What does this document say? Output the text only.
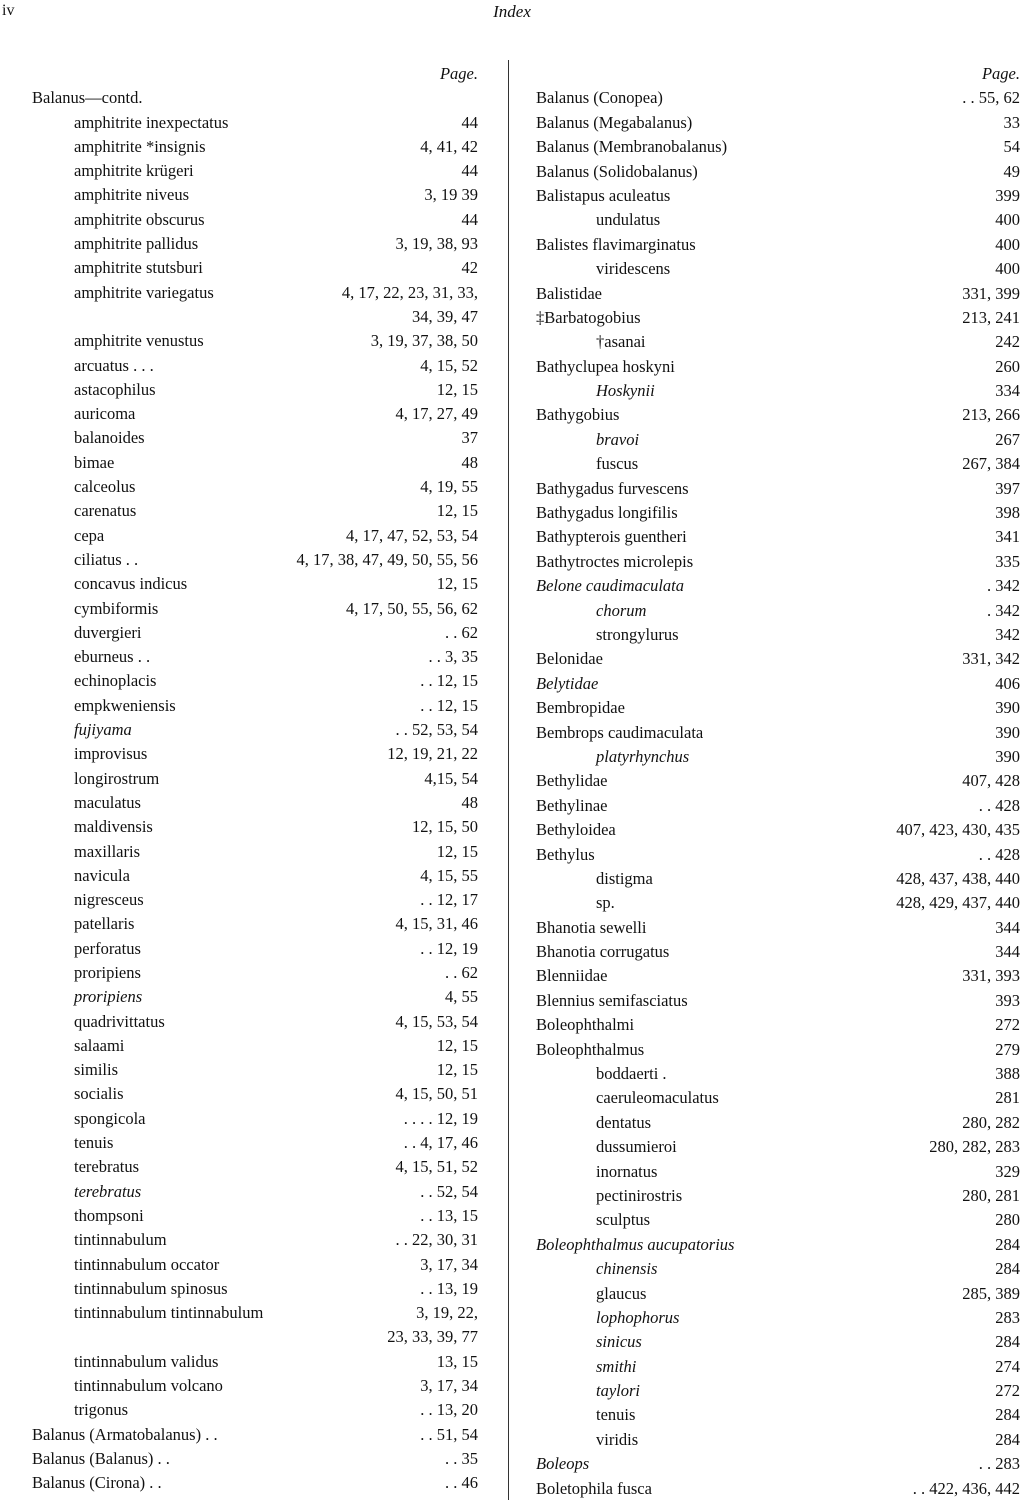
iv	Index
Page.
Balanus—contd.
amphitrite inexpectatus	44
amphitrite *insignis	4, 41, 42
amphitrite krügeri	44
amphitrite niveus	3, 19 39
amphitrite obscurus	44
amphitrite pallidus	3, 19, 38, 93
amphitrite stutsburi	42
amphitrite variegatus	4, 17, 22, 23, 31, 33,
34, 39, 47
amphitrite venustus	3, 19, 37, 38, 50
arcuatus . . .	4, 15, 52
astacophilus	12, 15
auricoma	4, 17, 27, 49
balanoides	37
bimae	48
calceolus	4, 19, 55
carenatus	12, 15
cepa	4, 17, 47, 52, 53, 54
ciliatus . .	4, 17, 38, 47, 49, 50, 55, 56
concavus indicus	12, 15
cymbiformis	4, 17, 50, 55, 56, 62
duvergieri	. . 62
eburneus . .	. . 3, 35
echinoplacis	. . 12, 15
empkweniensis	. . 12, 15
fujiyama	. . 52, 53, 54
improvisus	12, 19, 21, 22
longirostrum	4,15, 54
maculatus	48
maldivensis	12, 15, 50
maxillaris	12, 15
navicula	4, 15, 55
nigresceus	. . 12, 17
patellaris	4, 15, 31, 46
perforatus	. . 12, 19
proripiens	. . 62
proripiens	4, 55
quadrivittatus	4, 15, 53, 54
salaami	12, 15
similis	12, 15
socialis	4, 15, 50, 51
spongicola	. . . . 12, 19
tenuis	. . 4, 17, 46
terebratus	4, 15, 51, 52
terebratus	. . 52, 54
thompsoni	. . 13, 15
tintinnabulum	. . 22, 30, 31
tintinnabulum occator	3, 17, 34
tintinnabulum spinosus	. . 13, 19
tintinnabulum tintinnabulum	3, 19, 22,
23, 33, 39, 77
tintinnabulum validus	13, 15
tintinnabulum volcano	3, 17, 34
trigonus	. . 13, 20
Balanus (Armatobalanus) . .	. . 51, 54
Balanus (Balanus) . .	. . 35
Balanus (Cirona) . .	. . 46
Page.
Balanus (Conopea)	. . 55, 62
Balanus (Megabalanus)	33
Balanus (Membranobalanus)	54
Balanus (Solidobalanus)	49
Balistapus aculeatus	399
undulatus	400
Balistes flavimarginatus	400
viridescens	400
Balistidae	331, 399
‡Barbatogobius	213, 241
†asanai	242
Bathyclupea hoskyni	260
Hoskynii	334
Bathygobius	213, 266
bravoi	267
fuscus	267, 384
Bathygadus furvescens	397
Bathygadus longifilis	398
Bathypterois guentheri	341
Bathytroctes microlepis	335
Belone caudimaculata	. 342
chorum	. 342
strongylurus	342
Belonidae	331, 342
Belytidae	406
Bembropidae	390
Bembrops caudimaculata	390
platyrhynchus	390
Bethylidae	407, 428
Bethylinae	. . 428
Bethyloidea	407, 423, 430, 435
Bethylus	. . 428
distigma	428, 437, 438, 440
sp.	428, 429, 437, 440
Bhanotia sewelli	344
Bhanotia corrugatus	344
Blenniidae	331, 393
Blennius semifasciatus	393
Boleophthalmi	272
Boleophthalmus	279
boddaerti .	388
caeruleomaculatus	281
dentatus	280, 282
dussumieroi	280, 282, 283
inornatus	329
pectinirostris	280, 281
sculptus	280
Boleophthalmus aucupatorius	284
chinensis	284
glaucus	285, 389
lophophorus	283
sinicus	284
smithi	274
taylori	272
tenuis	284
viridis	284
Boleops	. . 283
Boletophila fusca	. . 422, 436, 442
